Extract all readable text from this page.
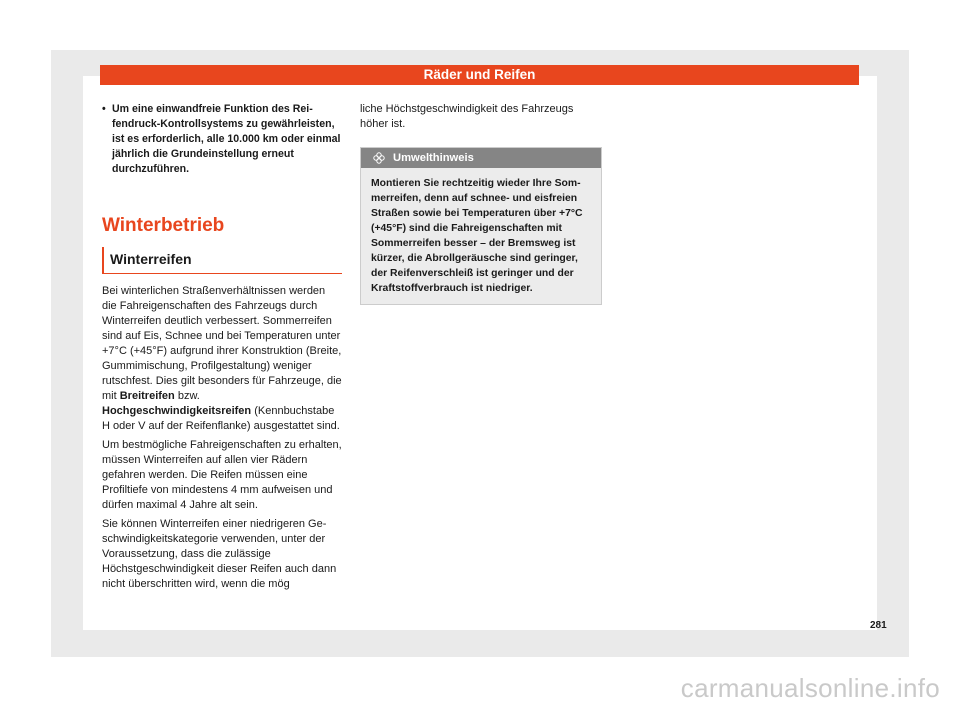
Räder und Reifen
• Um eine einwandfreie Funktion des Reifendruck-Kontrollsystems zu gewährleisten, ist es erforderlich, alle 10.000 km oder einmal jährlich die Grundeinstellung erneut durchzuführen.
Winterbetrieb
Winterreifen

Bei winterlichen Straßenverhältnissen werden die Fahreigenschaften des Fahrzeugs durch Winterreifen deutlich verbessert. Sommerreifen sind auf Eis, Schnee und bei Temperaturen unter +7°C (+45°F) aufgrund ihrer Konstruktion (Breite, Gummimischung, Profilgestaltung) weniger rutschfest. Dies gilt besonders für Fahrzeuge, die mit Breitreifen bzw. Hochgeschwindigkeitsreifen (Kennbuchstabe H oder V auf der Reifenflanke) ausgestattet sind.

Um bestmögliche Fahreigenschaften zu erhalten, müssen Winterreifen auf allen vier Rädern gefahren werden. Die Reifen müssen eine Profiltiefe von mindestens 4 mm aufweisen und dürfen maximal 4 Jahre alt sein.

Sie können Winterreifen einer niedrigeren Geschwindigkeitskategorie verwenden, unter der Voraussetzung, dass die zulässige Höchstgeschwindigkeit dieser Reifen auch dann nicht überschritten wird, wenn die mög

liche Höchstgeschwindigkeit des Fahrzeugs höher ist.

Umwelthinweis
Montieren Sie rechtzeitig wieder Ihre Sommerreifen, denn auf schnee- und eisfreien Straßen sowie bei Temperaturen über +7°C (+45°F) sind die Fahreigenschaften mit Sommerreifen besser – der Bremsweg ist kürzer, die Abrollgeräusche sind geringer, der Reifenverschleiß ist geringer und der Kraftstoffverbrauch ist niedriger.
281
carmanualsonline.info
